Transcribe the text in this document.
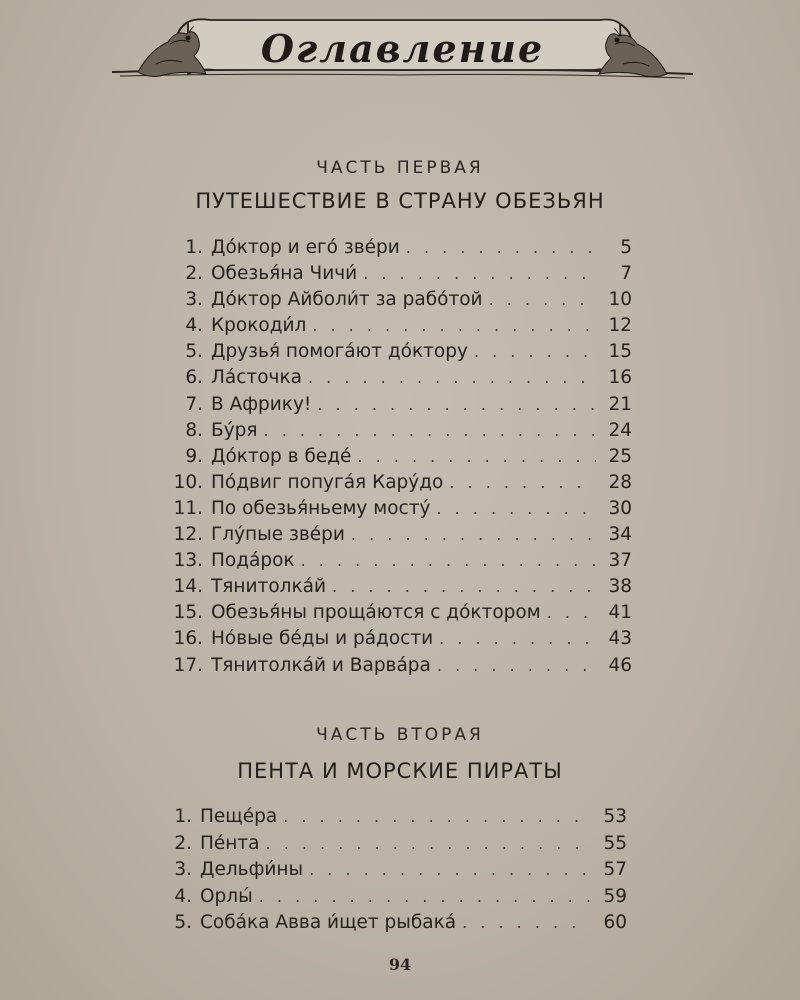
Оглавление
ЧАСТЬ ПЕРВАЯ
ПУТЕШЕСТВИЕ В СТРАНУ ОБЕЗЬЯН
1. До́ктор и его́ зве́ри . . .	5
2. Обезья́на Чичи́ . . .	7
3. До́ктор Айболи́т за рабо́той . . .	10
4. Крокоди́л . . .	12
5. Друзья́ помога́ют до́ктору . . .	15
6. Ла́сточка . . .	16
7. В Африку! . . .	21
8. Бу́ря . . .	24
9. До́ктор в беде́ . . .	25
10. По́двиг попуга́я Кару́до . . .	28
11. По обезья́ньему мосту́ . . .	30
12. Глу́пые зве́ри . . .	34
13. Пода́рок . . .	37
14. Тянитолка́й . . .	38
15. Обезья́ны проща́ются с до́ктором . . .	41
16. Но́вые бе́ды и ра́дости . . .	43
17. Тянитолка́й и Варва́ра . . .	46
ЧАСТЬ ВТОРАЯ
ПЕНТА И МОРСКИЕ ПИРАТЫ
1. Пеще́ра . . .	53
2. Пе́нта . . .	55
3. Дельфи́ны . . .	57
4. Орлы́ . . .	59
5. Соба́ка Авва и́щет рыбака́ . . .	60
94
